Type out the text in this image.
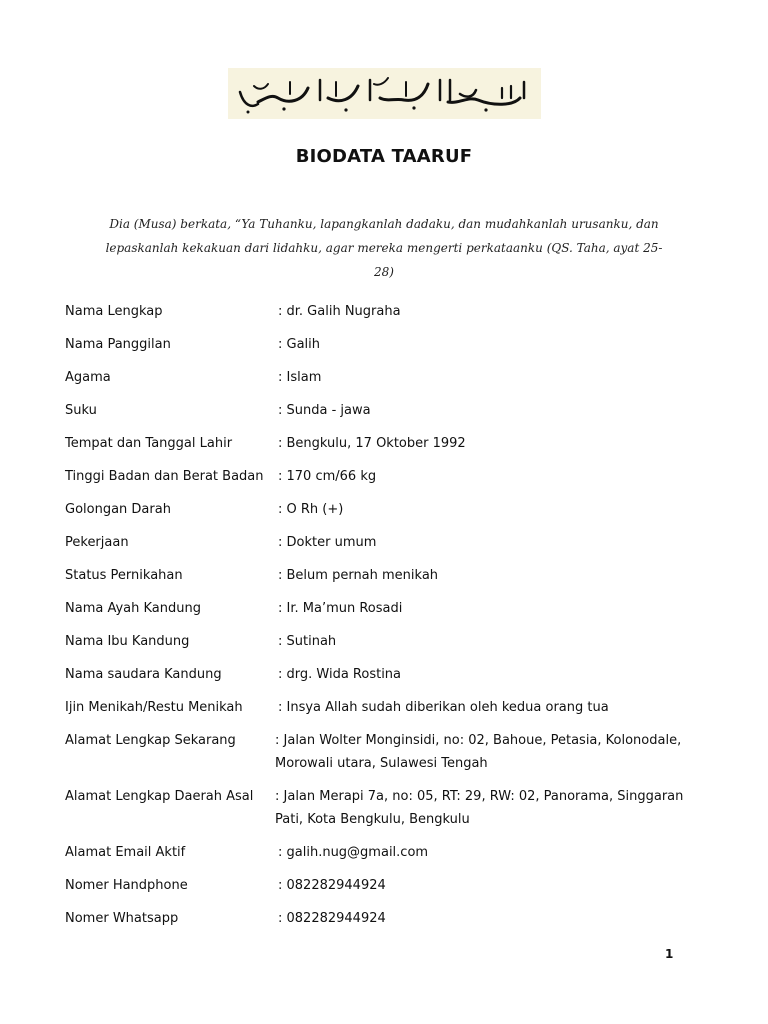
BIODATA TAARUF
Dia (Musa) berkata, “Ya Tuhanku, lapangkanlah dadaku, dan mudahkanlah urusanku, dan
lepaskanlah kekakuan dari lidahku, agar mereka mengerti perkataanku (QS. Taha, ayat 25-28)
Nama Lengkap	: dr. Galih Nugraha
Nama Panggilan	: Galih
Agama	: Islam
Suku	: Sunda - jawa
Tempat dan Tanggal Lahir	: Bengkulu, 17 Oktober 1992
Tinggi Badan dan Berat Badan	: 170 cm/66 kg
Golongan Darah	: O Rh (+)
Pekerjaan	: Dokter umum
Status Pernikahan	: Belum pernah menikah
Nama Ayah Kandung	: Ir. Ma’mun Rosadi
Nama Ibu Kandung	: Sutinah
Nama saudara Kandung	: drg. Wida Rostina
Ijin Menikah/Restu Menikah	: Insya Allah sudah diberikan oleh kedua orang tua
Alamat Lengkap Sekarang	: Jalan Wolter Monginsidi, no: 02, Bahoue, Petasia, Kolonodale, Morowali utara, Sulawesi Tengah
Alamat Lengkap Daerah Asal	: Jalan Merapi 7a, no: 05, RT: 29, RW: 02, Panorama, Singgaran Pati, Kota Bengkulu, Bengkulu
Alamat Email Aktif	: galih.nug@gmail.com
Nomer Handphone	: 082282944924
Nomer Whatsapp	: 082282944924
1
